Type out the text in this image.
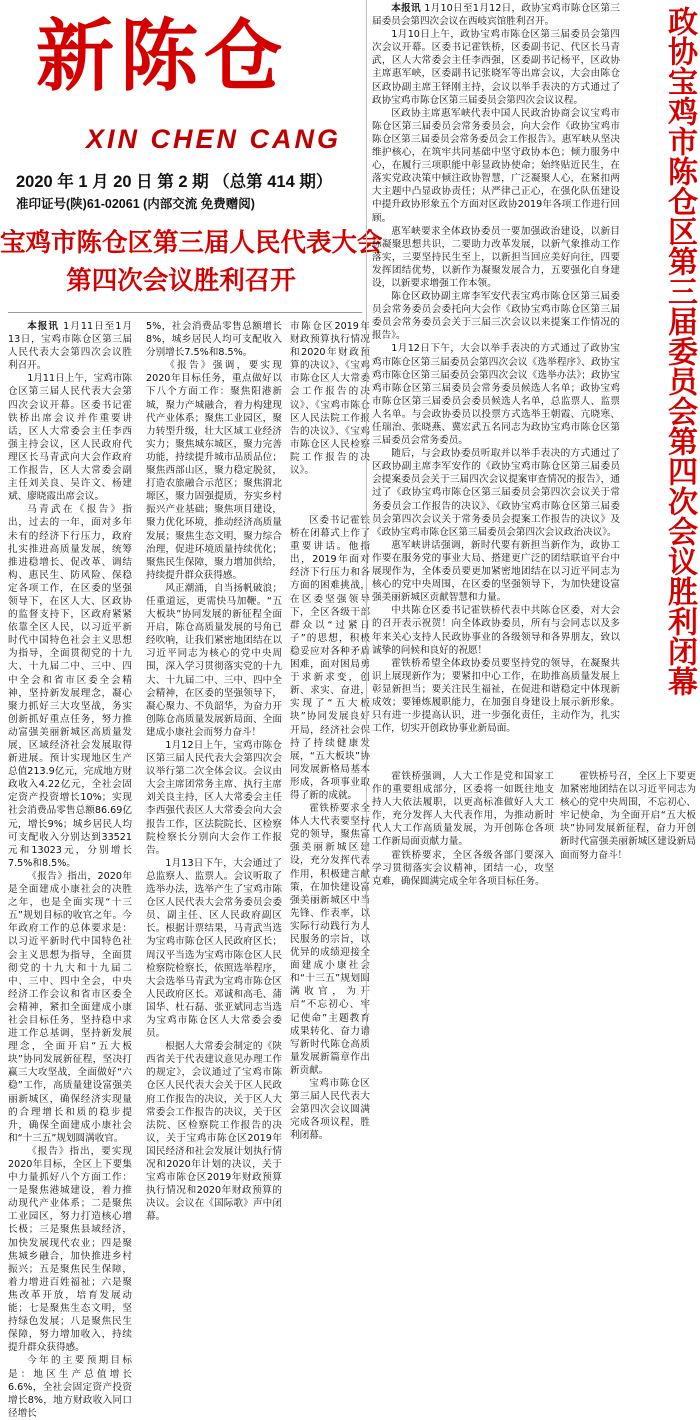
新陈仓
XIN CHEN CANG
2020 年 1 月 20 日 第 2 期 （总第 414 期）
准印证号(陕)61-02061 (内部交流 免费赠阅)
宝鸡市陈仓区第三届人民代表大会
第四次会议胜利召开

本报讯 1月11日至1月13日，宝鸡市陈仓区第三届人民代表大会第四次会议胜利召开。

1月11日上午，宝鸡市陈仓区第三届人民代表大会第四次会议开幕。区委书记霍铁桥出席会议并作重要讲话，区人大常委会主任李西强主持会议，区人民政府代理区长马青武向大会作政府工作报告，区人大常委会副主任刘关良、吴许文、杨建斌、廖晓霞出席会议。

马青武在《报告》指出，过去的一年，面对多年未有的经济下行压力，政府扎实推进高质量发展，统筹推进稳增长、促改革、调结构、惠民生、防风险、保稳定各项工作，在区委的坚强领导下，在区人大、区政协的监督支持下，区政府紧紧依靠全区人民，以习近平新时代中国特色社会主义思想为指导，全面贯彻党的十九大、十九届二中、三中、四中全会和省市区委全会精神，坚持新发展理念，凝心聚力抓好三大攻坚战，务实创新抓好重点任务，努力推动富强美丽新城区高质量发展，区域经济社会发展取得新进展。预计实现地区生产总值213.9亿元，完成地方财政收入4.22亿元，全社会固定资产投资增长10%；实现社会消费品零售总额86.69亿元，增长9%；城乡居民人均可支配收入分别达到33521元和13023元，分别增长7.5%和8.5%。

《报告》指出，2020年是全面建成小康社会的决胜之年，也是全面实现“十三五”规划目标的收官之年。今年政府工作的总体要求是：以习近平新时代中国特色社会主义思想为指导，全面贯彻党的十九大和十九届二中、三中、四中全会，中央经济工作会议和省市区委全会精神，紧扣全面建成小康社会目标任务，坚持稳中求进工作总基调，坚持新发展理念，全面开启“五大板块”协同发展新征程，坚决打赢三大攻坚战，全面做好“六稳”工作，高质量建设富强美丽新城区，确保经济实现量的合理增长和质的稳步提升，确保全面建成小康社会和“十三五”规划圆满收官。

《报告》指出，要实现2020年目标，全区上下要集中力量抓好八个方面工作：一是聚焦港城建设，着力推动现代产业体系；二是聚焦工业园区，努力打造核心增长极；三是聚焦县域经济，加快发展现代农业；四是聚焦城乡融合，加快推进乡村振兴；五是聚焦民生保障，着力增进百姓福祉；六是聚焦改革开放，培育发展动能；七是聚焦生态文明，坚持绿色发展；八是聚焦民生保障，努力增加收入，持续提升群众获得感。

今年的主要预期目标是：地区生产总值增长6.6%，全社会固定资产投资增长8%，地方财政收入同口径增长

5%，社会消费品零售总额增长8%，城乡居民人均可支配收入分别增长7.5%和8.5%。

《报告》强调，要实现2020年目标任务，重点做好以下八个方面工作：聚焦阳港新城，聚力产城融合，着力构建现代产业体系；聚焦工业园区，聚力转型升级，壮大区域工业经济实力；聚焦城东城区，聚力完善功能，持续提升城市品质品位；聚焦西部山区，聚力稳定脱贫，打造农旅融合示范区；聚焦渭北塬区，聚力固强提质，夯实乡村振兴产业基础；聚焦项目建设，聚力优化环境，推动经济高质量发展；聚焦生态文明，聚力综合治理，促进环境质量持续优化；聚焦民生保障，聚力增加供给，持续提升群众获得感。

风正潮涌，自当扬帆破浪；任重道远，更需快马加鞭。“五大板块”协同发展的新征程全面开启，陈仓高质量发展的号角已经吹响，让我们紧密地团结在以习近平同志为核心的党中央周围，深入学习贯彻落实党的十九大、十九届二中、三中、四中全会精神，在区委的坚强领导下，凝心聚力、不负韶华，为奋力开创陈仓高质量发展新局面、全面建成小康社会而努力奋斗！

1月12日上午，宝鸡市陈仓区第三届人民代表大会第四次会议举行第二次全体会议。会议由大会主席团常务主席、执行主席刘关良主持，区人大常委会主任李西强代表区人大常委会向大会报告工作，区法院院长、区检察院检察长分别向大会作工作报告。

1月13日下午，大会通过了总监察人、监票人。会议听取了选举办法，选举产生了宝鸡市陈仓区人民代表大会常务委员会委员、副主任、区人民政府副区长。根据计票结果，马青武当选为宝鸡市陈仓区人民政府区长；周汉平当选为宝鸡市陈仓区人民检察院检察长，依照选举程序，大会选举马青武为宝鸡市陈仓区人民政府区长。邓诚和高毛、蒲国华、杜石磊、张亚斌同志当选为宝鸡市陈仓区人大常委会委员。

根据人大常委会制定的《陕西省关于代表建议意见办理工作的规定》，会议通过了宝鸡市陈仓区人民代表大会关于区人民政府工作报告的决议，关于区人大常委会工作报告的决议，关于区法院、区检察院工作报告的决议，关于宝鸡市陈仓区2019年国民经济和社会发展计划执行情况和2020年计划的决议，关于宝鸡市陈仓区2019年财政预算执行情况和2020年财政预算的决议。会议在《国际歌》声中闭幕。

市陈仓区2019年财政预算执行情况和2020年财政预算的决议》、《宝鸡市陈仓区人大常委会工作报告的决议》、《宝鸡市陈仓区人民法院工作报告的决议》、《宝鸡市陈仓区人民检察院工作报告的决议》。

区委书记霍铁桥在闭幕式上作了重要讲话。他指出，2019年面对经济下行压力和各方面的困难挑战，在区委坚强领导下，全区各级干部群众以“过紧日子”的思想，积极稳妥应对各种矛盾困难，面对困局勇于求新求变，创新、求实、奋进，实现了“五大板块”协同发展良好开局，经济社会保持了持续健康发展，“五大板块”协同发展新格局基本形成，各项事业取得了新的成就。

霍铁桥要求全体人大代表要坚持党的领导，聚焦富强美丽新城区建设，充分发挥代表作用，积极建言献策，在加快建设富强美丽新城区中当先锋、作表率，以实际行动践行为人民服务的宗旨，以优异的成绩迎接全面建成小康社会和“十三五”规划圆满收官，为开启“不忘初心、牢记使命”主题教育成果转化、奋力谱写新时代陈仓高质量发展新篇章作出新贡献。

宝鸡市陈仓区第三届人民代表大会第四次会议圆满完成各项议程，胜利闭幕。

本报讯 1月10日至1月12日，政协宝鸡市陈仓区第三届委员会第四次会议在西岐宾馆胜利召开。

1月10日上午，政协宝鸡市陈仓区第三届委员会第四次会议开幕。区委书记霍铁桥，区委副书记、代区长马青武，区人大常委会主任李西强，区委副书记杨平，区政协主席惠军峡，区委副书记张晓军等出席会议，大会由陈仓区政协副主席王铎刚主持，会议以举手表决的方式通过了政协宝鸡市陈仓区第三届委员会第四次会议议程。

区政协主席惠军峡代表中国人民政治协商会议宝鸡市陈仓区第三届委员会常务委员会，向大会作《政协宝鸡市陈仓区第三届委员会常务委员会工作报告》。惠军峡从坚决维护核心，在筑牢共同基础中坚守政协本色；倾力服务中心，在履行三项职能中彰显政协使命；始终贴近民生，在落实党政决策中倾注政协智慧，广泛凝聚人心，在紧扣两大主题中凸显政协责任；从严律己正心，在强化队伍建设中提升政协形象五个方面对区政协2019年各项工作进行回顾。

惠军峡要求全体政协委员一要加强政治建设，以新目标凝聚思想共识，二要助力改革发展，以新气象推动工作落实，三要坚持民生至上，以新担当回应美好向往，四要发挥团结优势，以新作为凝聚发展合力，五要强化自身建设，以新要求增强工作本领。

陈仓区政协副主席李军安代表宝鸡市陈仓区第三届委员会常务委员会委托向大会作《政协宝鸡市陈仓区第三届委员会常务委员会关于三届三次会议以来提案工作情况的报告》。

1月12日下午，大会以举手表决的方式通过了政协宝鸡市陈仓区第三届委员会第四次会议《选举程序》、政协宝鸡市陈仓区第三届委员会第四次会议《选举办法》；政协宝鸡市陈仓区第三届委员会常务委员候选人名单；政协宝鸡市陈仓区第三届委员会委员候选人名单，总监票人、监票人名单。与会政协委员以投票方式选举王朝霞、亢晓寒、任瑞治、张晓燕、冀宏武五名同志为政协宝鸡市陈仓区第三届委员会常务委员。

随后，与会政协委员听取并以举手表决的方式通过了区政协副主席李军安作的《政协宝鸡市陈仓区第三届委员会提案委员会关于三届四次会议提案审查情况的报告》，通过了《政协宝鸡市陈仓区第三届委员会第四次会议关于常务委员会工作报告的决议》、《政协宝鸡市陈仓区第三届委员会第四次会议关于常务委员会提案工作报告的决议》及《政协宝鸡市陈仓区第三届委员会第四次会议政治决议》。

惠军峡讲话强调，新时代要有新担当新作为，政协工作要在服务党的事业大局、搭建更广泛的团结联谊平台中展现作为，全体委员要更加紧密地团结在以习近平同志为核心的党中央周围，在区委的坚强领导下，为加快建设富强美丽新城区贡献智慧和力量。

中共陈仓区委书记霍铁桥代表中共陈仓区委，对大会的召开表示祝贺！向全体政协委员，所有与会同志以及多年来关心支持人民政协事业的各级领导和各界朋友，致以诚挚的问候和良好的祝愿！

霍铁桥希望全体政协委员要坚持党的领导，在凝聚共识上展现新作为；要紧扣中心工作，在助推高质量发展上彰显新担当；要关注民生福祉，在促进和谐稳定中体现新成效；要锤炼履职能力，在加强自身建设上展示新形象。只有进一步提高认识，进一步强化责任，主动作为，扎实工作，切实开创政协事业新局面。

霍铁桥强调，人大工作是党和国家工作的重要组成部分，区委将一如既往地支持人大依法履职，以更高标准做好人大工作，充分发挥人大代表作用，为推动新时代人大工作高质量发展，为开创陈仓各项工作新局面贡献力量。

霍铁桥要求，全区各级各部门要深入学习贯彻落实会议精神，团结一心，攻坚克难，确保圆满完成全年各项目标任务。

政协宝鸡市陈仓区第三届委员会第四次会议胜利闭幕

霍铁桥号召，全区上下要更加紧密地团结在以习近平同志为核心的党中央周围，不忘初心、牢记使命，为全面开启“五大板块”协同发展新征程，奋力开创新时代富强美丽新城区建设新局面而努力奋斗！
